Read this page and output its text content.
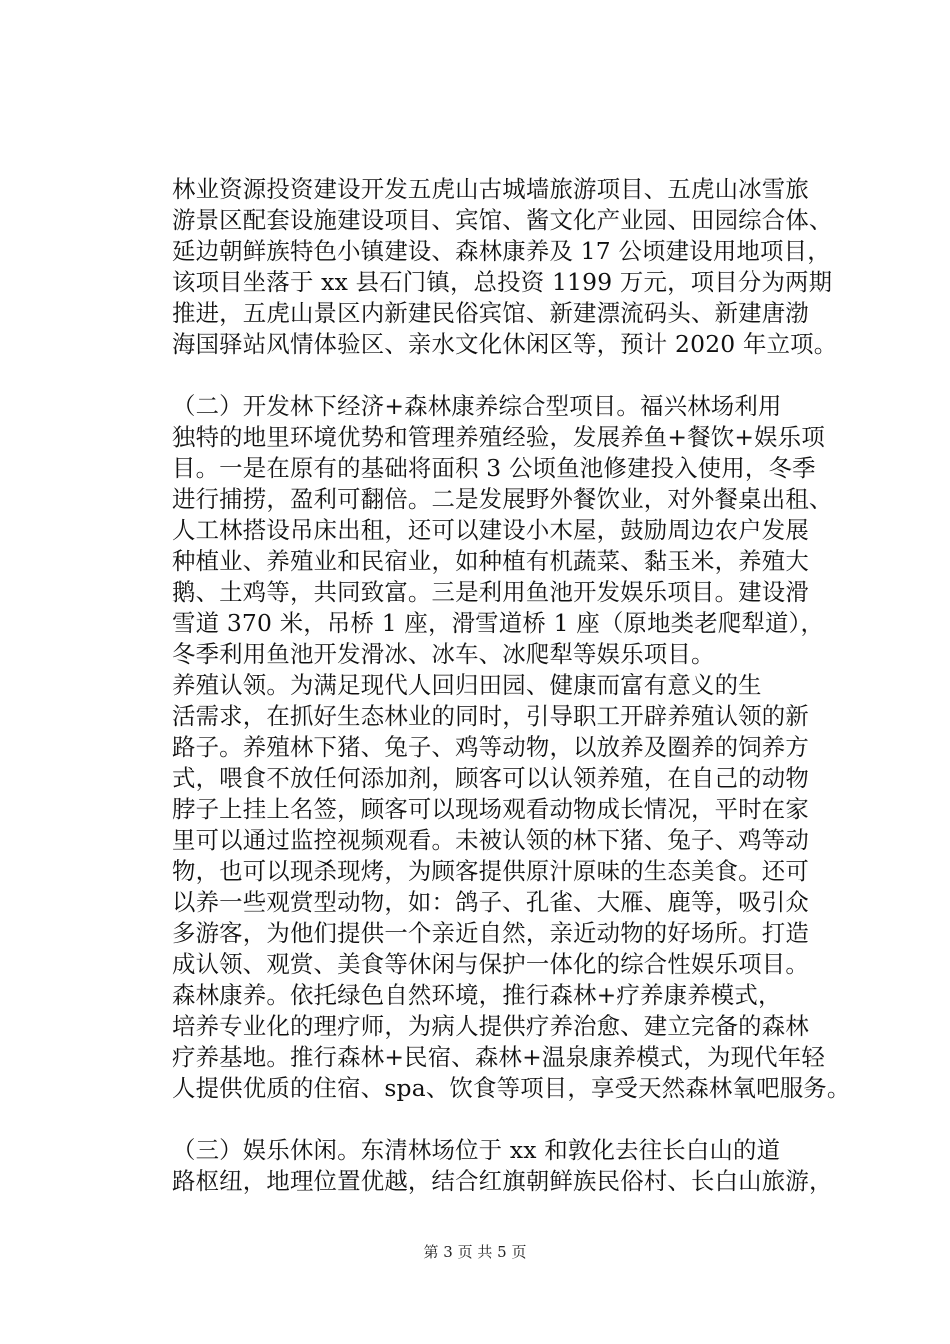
林业资源投资建设开发五虎山古城墙旅游项目、五虎山冰雪旅
游景区配套设施建设项目、宾馆、酱文化产业园、田园综合体、
延边朝鲜族特色小镇建设、森林康养及 17 公顷建设用地项目，
该项目坐落于 xx 县石门镇，总投资 1199 万元，项目分为两期
推进，五虎山景区内新建民俗宾馆、新建漂流码头、新建唐渤
海国驿站风情体验区、亲水文化休闲区等，预计 2020 年立项。
（二）开发林下经济+森林康养综合型项目。福兴林场利用
独特的地里环境优势和管理养殖经验，发展养鱼+餐饮+娱乐项
目。一是在原有的基础将面积 3 公顷鱼池修建投入使用，冬季
进行捕捞，盈利可翻倍。二是发展野外餐饮业，对外餐桌出租、
人工林搭设吊床出租，还可以建设小木屋，鼓励周边农户发展
种植业、养殖业和民宿业，如种植有机蔬菜、黏玉米，养殖大
鹅、土鸡等，共同致富。三是利用鱼池开发娱乐项目。建设滑
雪道 370 米，吊桥 1 座，滑雪道桥 1 座（原地类老爬犁道），
冬季利用鱼池开发滑冰、冰车、冰爬犁等娱乐项目。
养殖认领。为满足现代人回归田园、健康而富有意义的生
活需求，在抓好生态林业的同时，引导职工开辟养殖认领的新
路子。养殖林下猪、兔子、鸡等动物，以放养及圈养的饲养方
式，喂食不放任何添加剂，顾客可以认领养殖，在自己的动物
脖子上挂上名签，顾客可以现场观看动物成长情况，平时在家
里可以通过监控视频观看。未被认领的林下猪、兔子、鸡等动
物，也可以现杀现烤，为顾客提供原汁原味的生态美食。还可
以养一些观赏型动物，如：鸽子、孔雀、大雁、鹿等，吸引众
多游客，为他们提供一个亲近自然，亲近动物的好场所。打造
成认领、观赏、美食等休闲与保护一体化的综合性娱乐项目。
森林康养。依托绿色自然环境，推行森林+疗养康养模式，
培养专业化的理疗师，为病人提供疗养治愈、建立完备的森林
疗养基地。推行森林+民宿、森林+温泉康养模式，为现代年轻
人提供优质的住宿、spa、饮食等项目，享受天然森林氧吧服务。
（三）娱乐休闲。东清林场位于 xx 和敦化去往长白山的道
路枢纽，地理位置优越，结合红旗朝鲜族民俗村、长白山旅游，
第 3 页 共 5 页
